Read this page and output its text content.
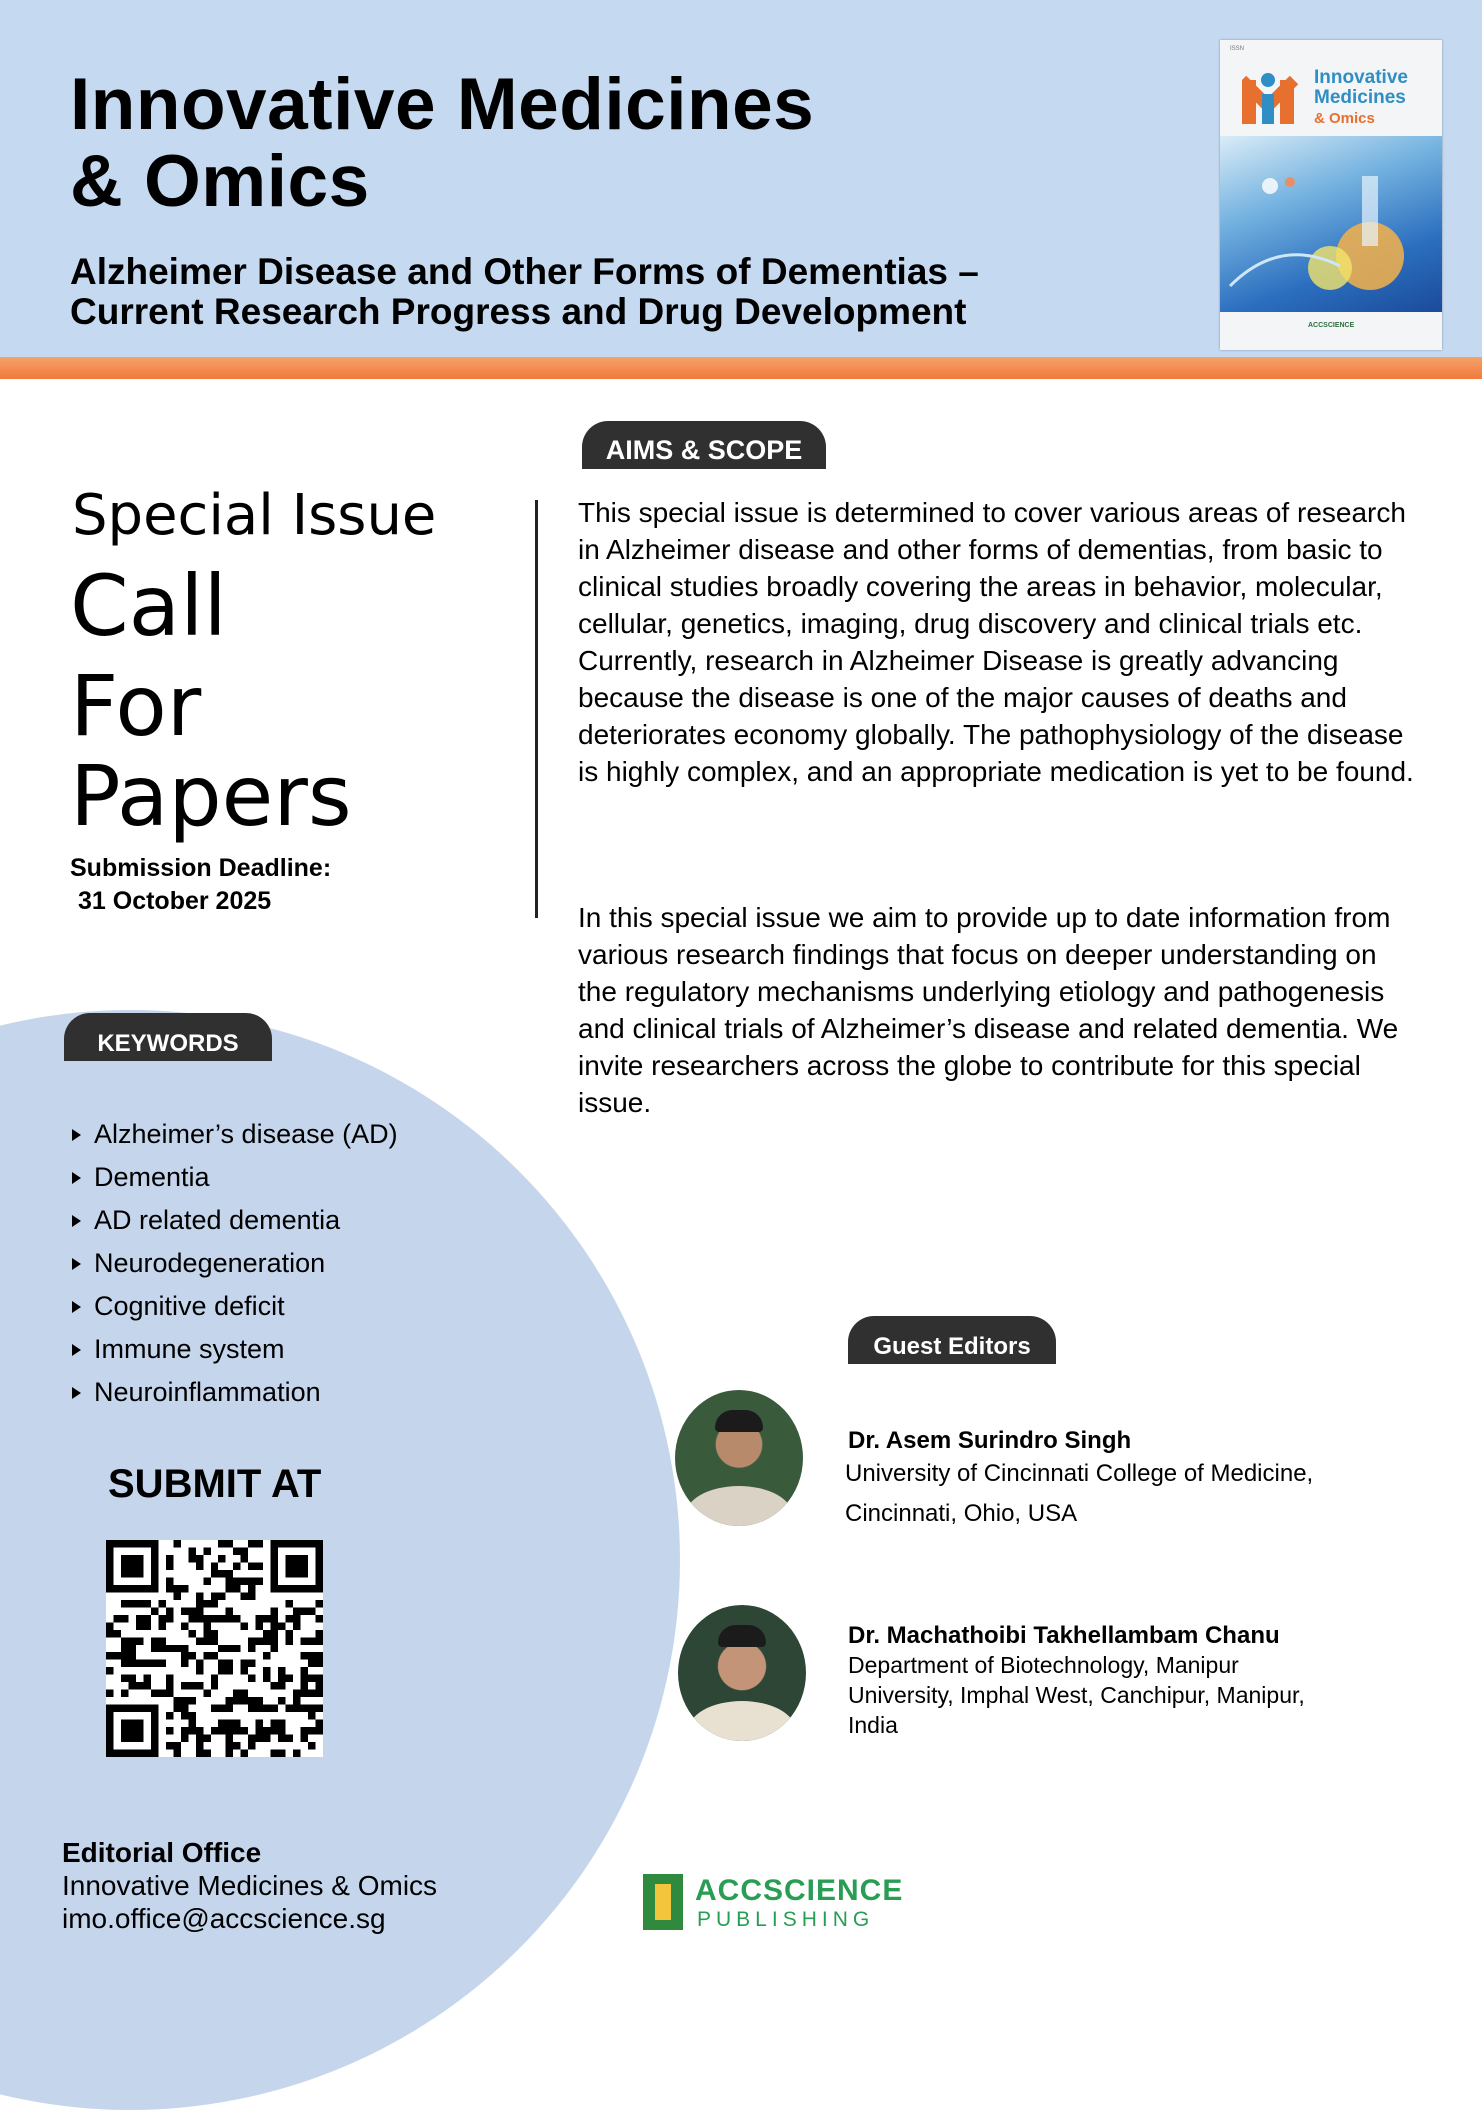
Innovative Medicines
& Omics
Alzheimer Disease and Other Forms of Dementias –
Current Research Progress and Drug Development
ISSN
Innovative
Medicines
& Omics
ACCSCIENCE
AIMS & SCOPE

This special issue is determined to cover various areas of research in Alzheimer disease and other forms of dementias, from basic to clinical studies broadly covering the areas in behavior, molecular, cellular, genetics, imaging, drug discovery and clinical trials etc. Currently, research in Alzheimer Disease is greatly advancing because the disease is one of the major causes of deaths and deteriorates economy globally. The pathophysiology of the disease is highly complex, and an appropriate medication is yet to be found.

In this special issue we aim to provide up to date information from various research findings that focus on deeper understanding on the regulatory mechanisms underlying etiology and pathogenesis and clinical trials of Alzheimer’s disease and related dementia. We invite researchers across the globe to contribute for this special issue.

Special Issue

Call

For

Papers

Submission Deadline:
31 October 2025
KEYWORDS
Alzheimer’s disease (AD)
Dementia
AD related dementia
Neurodegeneration
Cognitive deficit
Immune system
Neuroinflammation
SUBMIT AT
Guest Editors
Dr. Asem Surindro Singh

University of Cincinnati College of Medicine,
Cincinnati, Ohio, USA

Dr. Machathoibi Takhellambam Chanu

Department of Biotechnology, Manipur
University, Imphal West, Canchipur, Manipur,
India

Editorial Office
Innovative Medicines & Omics
imo.office@accscience.sg
ACCSCIENCE
PUBLISHING
